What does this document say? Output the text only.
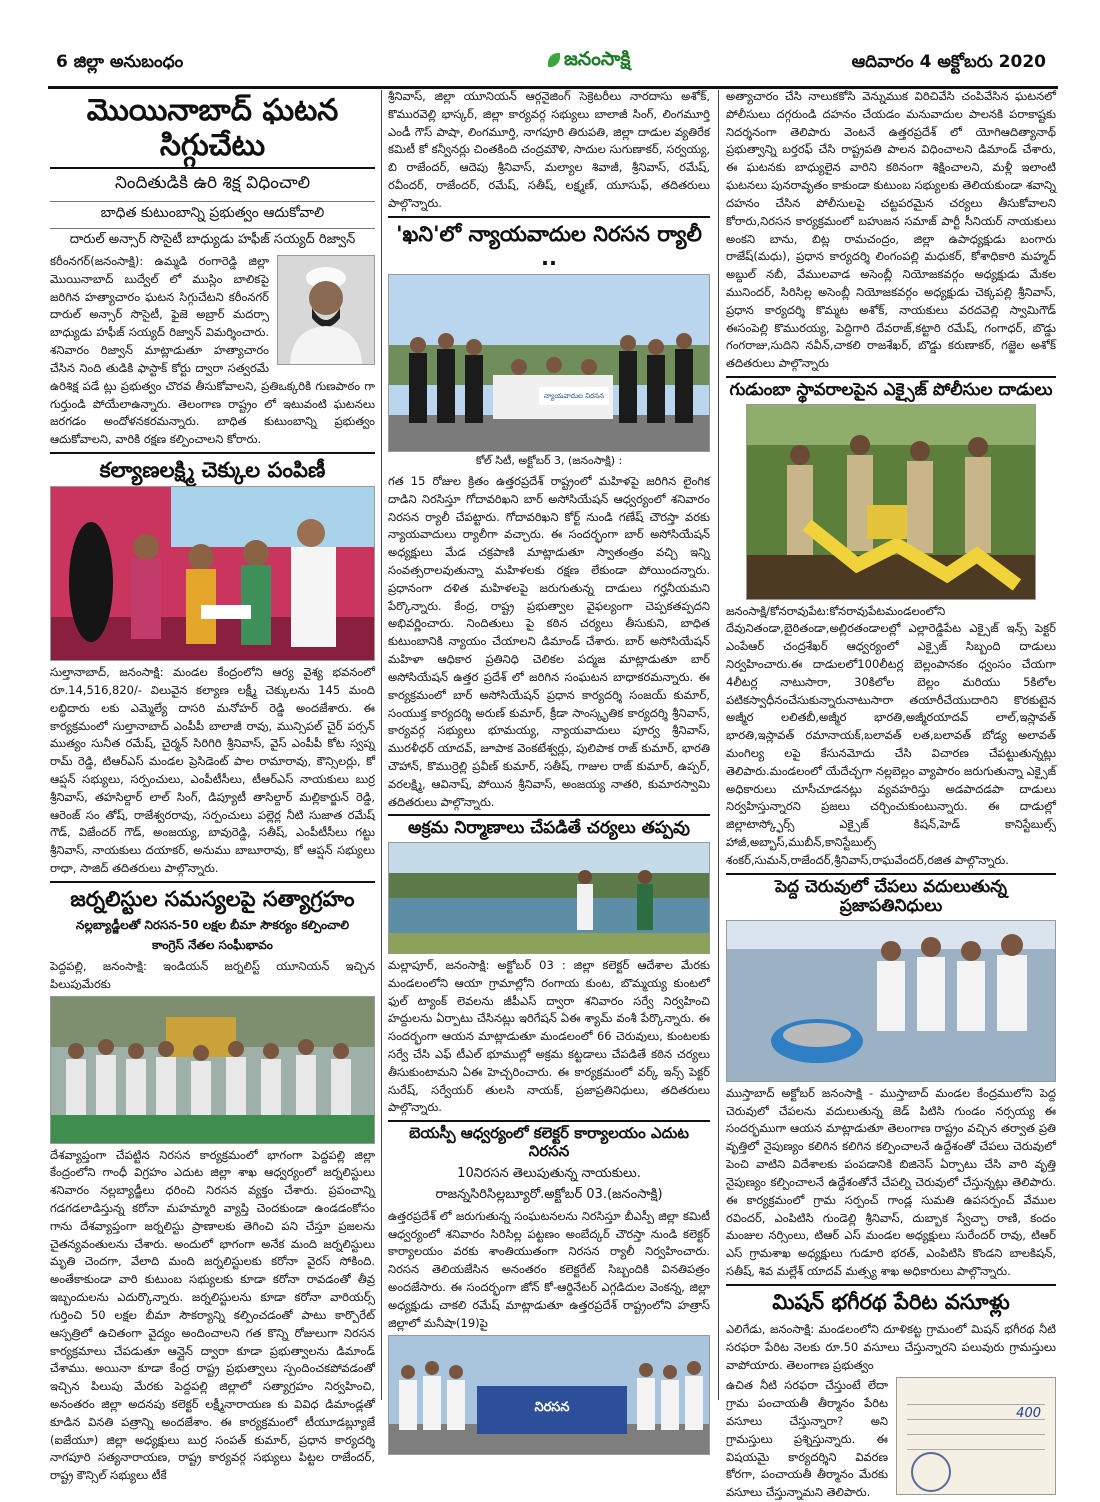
6 జిల్లా అనుబంధం	జనంసాక్షి	ఆదివారం 4 అక్టోబరు 2020
మొయినాబాద్ ఘటన సిగ్గుచేటు
నిందితుడికి ఉరి శిక్ష విధించాలి
బాధిత కుటుంబాన్ని ప్రభుత్వం ఆదుకోవాలి
దారుల్ అన్సార్ సొసైటీ బాధ్యుడు హఫీజ్ సయ్యద్ రిజ్వాన్

కరీంనగర్(జనంసాక్షి): ఉమ్మడి రంగారెడ్డి జిల్లా మొయినాబాద్ బుద్వేల్ లో ముస్లిం బాలికపై జరిగిన హత్యాచారం ఘటన సిగ్గుచేటని కరీంనగర్ దారుల్ అన్సార్ సొసైటీ, ఫైజె అబ్రార్ మదర్సా బాధ్యుడు హఫీజ్ సయ్యద్ రిజ్వాన్ విమర్శించారు. శనివారం రిజ్వాన్ మాట్లాడుతూ హత్యాచారం చేసిన నింది తుడికి ఫాస్టాక్ కోర్టు ద్వారా సత్వరమే ఉరిశిక్ష పడే ట్లు ప్రభుత్వం చొరవ తీసుకోవాలని, ప్రతిఒక్కరికి గుణపాఠం గా గుర్తుండి పోయేలాఉన్నారు. తెలంగాణ రాష్ట్రం లో ఇటువంటి ఘటనలు జరగడం అందోళనకరమన్నారు. బాధిత కుటుంబాన్ని ప్రభుత్వం ఆదుకోవాలని, వారికి రక్షణ కల్పించాలని కోరారు.

కల్యాణలక్ష్మి చెక్కుల పంపిణీ

సుల్తానాబాద్, జనంసాక్షి: మండల కేంద్రంలోని ఆర్య వైశ్య భవనంలో రూ.14,516,820/- విలువైన కల్యాణ లక్ష్మీ చెక్కులను 145 మంది లబ్ధిదారు లకు ఎమ్మెల్యే దాసరి మనోహర్ రెడ్డి అందజేశారు. ఈ కార్యక్రమంలో సుల్తానాబాద్ ఎంపీపీ బాలాజీ రావు, మున్సిపల్ చైర్ పర్సన్ ముత్యం సునీత రమేష్, చైర్మన్ సిరిగిరి శ్రీనివాస్, వైస్ ఎంపీపీ కోట స్వప్న రామ్ రెడ్డి, టిఆర్ఎస్ మండల ప్రెసిడెంట్ పాల రామారావు, కౌన్సిలర్లు, కో ఆప్షన్ సభ్యులు, సర్పంచులు, ఎంపీటీసీలు, టీఆర్ఎస్ నాయకులు బుర్ర శ్రీనివాస్, తహసిల్దార్ లాల్ సింగ్, డిప్యూటీ తాసిల్దార్ మల్లికార్జున్ రెడ్డి, ఆరెంజ్ సం తోష్, రాజేశ్వరరావు, సర్పంచులు పల్లెర్ల నీటి సుజాత రమేష్ గౌడ్, విజేందర్ గౌడ్, అంజయ్య, బావురెడ్డి, సతీష్, ఎంపీటీసీలు గట్టు శ్రీనివాస్, నాయకులు దయాకర్, అనుము బాబూరావు, కో ఆప్షన్ సభ్యులు రాధా, సాజిద్ తదితరులు పాల్గొన్నారు.

జర్నలిస్టుల సమస్యలపై సత్యాగ్రహం
నల్లబ్యాడ్జీలతో నిరసన-50 లక్షల బీమా సౌకర్యం కల్పించాలి
కాంగ్రెస్ నేతల సంఘీభావం

పెద్దపల్లి, జనంసాక్షి: ఇండియన్ జర్నలిస్ట్ యూనియన్ ఇచ్చిన పిలుపుమేరకు

దేశవ్యాప్తంగా చేపట్టిన నిరసన కార్యక్రమంలో భాగంగా పెద్దపల్లి జిల్లా కేంద్రంలోని గాంధీ విగ్రహం ఎదుట జిల్లా శాఖ ఆధ్వర్యంలో జర్నలిస్టులు శనివారం నల్లబ్యాడ్జీలు ధరించి నిరసన వ్యక్తం చేశారు. ప్రపంచాన్ని గడగడలాడిస్తున్న కరోనా మహమ్మారి వ్యాప్తి చెందకుండా ఉండడంకోసం గాను దేశవ్యాప్తంగా జర్నలిస్టు ప్రాణాలకు తెగించి పని చేస్తూ ప్రజలను చైతన్యవంతులను చేశారు. అందులో భాగంగా అనేక మంది జర్నలిస్టులు మృతి చెందగా, వేలాది మంది జర్నలిస్టులకు కరోనా వైరస్ సోకింది. అంతేకాకుండా వారి కుటుంబ సభ్యులకు కూడా కరోనా రావడంతో తీవ్ర ఇబ్బందులను ఎదుర్కొన్నారు. జర్నలిస్టులను కూడా కరోనా వారియర్స్ గుర్తించి 50 లక్షల బీమా సౌకర్యాన్ని కల్పించడంతో పాటు కార్పొరేట్ ఆస్పత్రిలో ఉచితంగా వైద్యం అందించాలని గత కొన్ని రోజులుగా నిరసన కార్యక్రమాలు చేపడుతూ ఆన్లైన్ ద్వారా కూడా ప్రభుత్వాలను డిమాండ్ చేశాము. అయినా కూడా కేంద్ర రాష్ట్ర ప్రభుత్వాలు స్పందించకపోవడంతో ఇచ్చిన పిలుపు మేరకు పెద్దపల్లి జిల్లాలో సత్యాగ్రహం నిర్వహించి, అనంతరం జిల్లా అదనపు కలెక్టర్ లక్ష్మీనారాయణ కు వివిధ డిమాండ్లతో కూడిన వినతి పత్రాన్ని అందజేశాం. ఈ కార్యక్రమంలో టీయూడబ్ల్యూజే (ఐజేయూ) జిల్లా అధ్యక్షులు బుర్ర సంపత్ కుమార్, ప్రధాన కార్యదర్శి నాగపూరి సత్యనారాయణ, రాష్ట్ర కార్యవర్గ సభ్యులు పిట్టల రాజేందర్, రాష్ట్ర కౌన్సిల్ సభ్యులు టీకే

శ్రీనివాస్, జిల్లా యూనియన్ ఆర్గనైజింగ్ సెక్రెటరీలు నారదాసు అశోక్, కొమురవెల్లి భాస్కర్, జిల్లా కార్యవర్గ సభ్యులు బాలాజీ సింగ్, లింగమూర్తి ఎండీ గౌస్ పాషా, లింగమూర్తి, నాగపూరి తిరుపతి, జిల్లా దాడుల వ్యతిరేక కమిటీ కో కన్వీనర్లు చింతకింది చంద్రమౌళి, సాదుల సుగుణాకర్, సర్వయ్య, బి రాజేందర్, ఆదెపు శ్రీనివాస్, మల్యాల శివాజీ, శ్రీనివాస్, రమేష్, రవీందర్, రాజేందర్, రమేష్, సతీష్, లక్ష్మణ్, యూసుఫ్, తదితరులు పాల్గొన్నారు.

'ఖని'లో న్యాయవాదుల నిరసన ర్యాలీ ..
న్యాయవాదుల నిరసన
కోల్ సిటీ, అక్టోబర్ 3, (జనంసాక్షి) :

గత 15 రోజుల క్రితం ఉత్తరప్రదేశ్ రాష్ట్రంలో మహిళపై జరిగిన లైంగిక దాడిని నిరసిస్తూ గోదావరిఖని బార్ అసోసియేషన్ ఆధ్వర్యంలో శనివారం నిరసన ర్యాలీ చేపట్టారు. గోదావరిఖని కోర్ట్ నుండి గణేష్ చౌరస్తా వరకు న్యాయవాదులు ర్యాలీగా వచ్చారు. ఈ సందర్భంగా బార్ అసోసియేషన్ అధ్యక్షులు మేడ చక్రపాణి మాట్లాడుతూ స్వాతంత్రం వచ్చి ఇన్ని సంవత్సరాలవుతున్నా మహిళలకు రక్షణ లేకుండా పోయిందన్నారు. ప్రధానంగా దళిత మహిళలపై జరుగుతున్న దాడులు గర్హనీయమని పేర్కొన్నారు. కేంద్ర, రాష్ట్ర ప్రభుత్వాల వైఫల్యంగా చెప్పకతప్పదని అభివర్ణించారు. నిందితులు పై కఠిన చర్యలు తీసుకుని, బాధిత కుటుంబానికి న్యాయం చేయాలని డిమాండ్ చేశారు. బార్ అసోసియేషన్ మహిళా ఆధికార ప్రతినిధి చెలికల పద్మజ మాట్లాడుతూ బార్ అసోసియేషన్ ఉత్తర ప్రదేశ్ లో జరిగిన సంఘటన బాధాకరమన్నారు. ఈ కార్యక్రమంలో బార్ అసోసియేషన్ ప్రధాన కార్యదర్శి సంజయ్ కుమార్, సంయుక్త కార్యదర్శి అరుణ్ కుమార్, క్రీడా సాంస్కృతిక కార్యదర్శి శ్రీనివాస్, కార్యవర్గ సభ్యులు భూమయ్య, న్యాయవాదులు పూర్వ శ్రీనివాస్, మురళీధర్ యాదవ్, జూపాక వెంకటేశ్వర్లు, పులిపాక రాజ్ కుమార్, భారతి చౌహాన్, కొముర్రెల్లి ప్రవీణ్ కుమార్, సతీష్, గాజుల రాజ్ కుమార్, ఉప్పర్, వరలక్ష్మి, ఆవినాష్, పోయిన శ్రీనివాస్, అంజయ్య నాతరి, కుమారస్వామి తదితరులు పాల్గొన్నారు.

అక్రమ నిర్మాణాలు చేపడితే చర్యలు తప్పవు

మల్లాపూర్, జనంసాక్షి: అక్టోబర్ 03 : జిల్లా కలెక్టర్ ఆదేశాల మేరకు మండలంలోని ఆయా గ్రామాల్లోని రంగాయ కుంట, బొమ్మయ్య కుంటలో ఫుల్ ట్యాంక్ లెవలను జీపీఎస్ ద్వారా శనివారం సర్వే నిర్వహించి హద్దులను ఏర్పాటు చేసినట్లు ఇరిగేషన్ ఏఈ శ్యామ్ వంశీ పేర్కొన్నారు. ఈ సందర్భంగా ఆయన మాట్లాడుతూ మండలంలో 66 చెరువులు, కుంటలకు సర్వే చేసి ఎఫ్ టీఎల్ భూముల్లో అక్రమ కట్టడాలు చేపడితే కఠిన చర్యలు తీసుకుంటామని ఏఈ హెచ్చరించారు. ఈ కార్యక్రమంలో వర్క్ ఇన్స్ పెక్టర్ సురేష్, సర్వేయర్ తులసి నాయక్, ప్రజాప్రతినిధులు, తదితరులు పాల్గొన్నారు.

బెయస్పీ ఆధ్వర్యంలో కలెక్టర్ కార్యాలయం ఎదుట నిరసన
10నిరసన తెలుపుతున్న నాయకులు.
రాజన్నసిరిసిల్లబ్యూరో.అక్టోబర్ 03.(జనంసాక్షి)

ఉత్తరప్రదేశ్ లో జరుగుతున్న సంఘటనలను నిరసిస్తూ బీఎస్పీ జిల్లా కమిటీ ఆధ్వర్యంలో శనివారం సిరిసిల్ల పట్టణం అంబేద్కర్ చౌరస్తా నుండి కలెక్టర్ కార్యాలయం వరకు శాంతియుతంగా నిరసన ర్యాలీ నిర్వహించారు. నిరసన తెలియజేసిన అనంతరం కలెక్టరేట్ సిబ్బందికి వినతిపత్రం అందజేసారు. ఈ సందర్భంగా జోన్ కో-ఆర్డినేటర్ ఎగ్గడిదుల వెంకన్న, జిల్లా అధ్యక్షుడు చాకలి రమేష్ మాట్లాడుతూ ఉత్తరప్రదేశ్ రాష్ట్రంలోని హత్రాస్ జిల్లాలో మనీషా(19)పై

నిరసన

అత్యాచారం చేసి నాలుకకోసి వెన్నుముక విరిచివేసి చంపివేసిన ఘటనలో పోలీసులు దగ్గరుండి దహనం చేయడం మనువాదుల పాలనకి పరాకాష్టకు నిదర్శనంగా తెలిపారు వెంటనే ఉత్తరప్రదేశ్ లో యోగిఆదిత్యానాథ్ ప్రభుత్వాన్ని బర్తరఫ్ చేసి రాష్ట్రపతి పాలన విధించాలని డిమాండ్ చేశారు, ఈ ఘటనకు బాధ్యులైన వారిని కఠినంగా శిక్షించాలని, మళ్లీ ఇలాంటి ఘటనలు పునరావృతం కాకుండా కుటుంబ సభ్యులకు తెలియకుండా శవాన్ని దహనం చేసిన పోలీసులపై చట్టపరమైన చర్యలు తీసుకోవాలని కోరారు,నిరసన కార్యక్రమంలో బహుజన సమాజ్ పార్టీ సీనియర్ నాయకులు అంకని బాను, బిట్ల రామచంద్రం, జిల్లా ఉపాధ్యక్షుడు బంగారు రాజేష్(మధు), ప్రధాన కార్యదర్శి లింగంపల్లి మధుకర్, కోశాధికారి మహ్మద్ అబ్దుల్ నబీ, వేములవాడ అసెంబ్లీ నియోజకవర్గం అధ్యక్షుడు మేకల మునిందర్, సిరిసిల్ల అసెంబ్లీ నియోజకవర్గం అధ్యక్షుడు చెక్కపల్లి శ్రీనివాస్, ప్రధాన కార్యదర్శి కొమ్మట అశోక్, నాయకులు వరదవెల్లి స్వామిగౌడ్ ఈసంపెల్లి కొమురయ్య, పెద్దిగారి దేవరాజ్,కట్టారి రమేష్, గంగాధర్, బొడ్డు గంగరాజు,సుదిని నవీన్,చాకలి రాజశేఖర్, బొడ్డు కరుణాకర్, గజ్జెల అశోక్ తదితరులు పాల్గొన్నారు

గుడుంబా స్థావరాలపైన ఎక్సైజ్ పోలీసుల దాడులు

జనంసాక్షి/కోనరావుపేట:కోనరావుపేటమండలంలోని దేవునితండా,బైరితండా,అల్లిరతండాలల్లో ఎల్లారెడ్డిపేట ఎక్సైజ్ ఇన్స్ పెక్టర్ ఎంపేఆర్ చంద్రశేఖర్ ఆధ్వర్యంలో ఎక్సైజ్ సిబ్బంది దాడులు నిర్వహించారు.ఈ దాడులలో100లీటర్ల బెల్లంపానకం ధ్వంసం చేయగా 4లీటర్ల నాటుసారా, 30కిలోల బెల్లం మరియు 5కిలోల పటికస్వాధీనంచేసుకున్నారునాటుసారా తయారీచేయుదారిని కొరకుటైన అజ్మీర లలితబీ,అజ్మీర భారతి,అజ్మీరయాదవ్ లాల్,ఇస్లావత్ భారతి,ఇస్లావత్ రమానాయక్,బలావత్ లత,బలావత్ బోడ్య అలావత్ మంగిల్య లపై కేసునమోదు చేసి విచారణ చేపట్టుతున్నట్లు తెలిపారు.మండలంలో యేదేచ్ఛగా నల్లబెల్లం వ్యాపారం జరుగుతున్నా ఎక్సైజ్ అధికారులు చూసీచూడనట్లు వ్యవహరిస్తు అడపాదడపా దాడులు నిర్వహిస్తున్నారని ప్రజలు చర్చించుకుంటున్నారు. ఈ దాడుల్లో జిల్లాటాస్క్ఫోర్స్ ఎక్సైజ్ కిషన్,హెడ్ కానిస్టేబుల్స్ హాజీ,అబ్బాస్,ముబీన్,కానిస్టేబుల్స్ శంకర్,సుమన్,రాజేందర్,శ్రీనివాస్,రాఘవేందర్,రజిత పాల్గొన్నారు.

పెద్ద చెరువులో చేపలు వదులుతున్న ప్రజాపతినిధులు

ముస్తాబాద్ అక్టోబర్ జనంసాక్షి - ముస్తాబాద్ మండల కేంద్రములోని పెద్ద చెరువులో చేపలను వదులుతున్న జెడ్ పిటిసి గుండం నర్సయ్య ఈ సందర్భముగా ఆయన మాట్లాడుతూ తెలంగాణ రాష్ట్రం వచ్చిన తర్వాత ప్రతి వృత్తిలో నైపుణ్యం కలిగిన కలిగిన కల్పించాలనే ఉద్దేశంతో చేపలు చెరువులో పెంచి వాటిని విదేశాలకు పంపడానికి బిజినెస్ ఏర్పాటు చేసి వారి వృత్తి నైపుణ్యం కల్పించాలనే ఉద్దేశంతోనే చేపల్ని చెరువులో చేస్తున్నట్లు తెలిపారు. ఈ కార్యక్రమంలో గ్రామ సర్పంచ్ గాండ్ల సుమతి ఉపసర్పంచ్ వేముల రవిందర్, ఎంపిటిసి గుండెల్లి శ్రీనివాస్, దుబ్బాక స్వేచ్ఛా రాణి, కందం మంజుల నర్సింలు, టిఆర్ ఎస్ మండల అధ్యక్షులు సురేందర్ రావు, టిఆర్ ఎస్ గ్రామశాఖ అధ్యక్షులు గుడూరి భరత్, ఎంపిటిసి కొండని బాలకిషన్, సతీష్, శివ మల్లేశ్ యాదవ్ మత్స్య శాఖ అధికారులు పాల్గొన్నారు.

మిషన్ భగీరథ పేరిట వసూళ్లు

ఎలిగేడు, జనంసాక్షి: మండలంలోని దూళికట్ట గ్రామంలో మిషన్ భగీరథ నీటి సరఫరా పేరిట నెలకు రూ.50 వసూలు చేస్తున్నారని పలువురు గ్రామస్తులు వాపోయారు. తెలంగాణ ప్రభుత్వం

ఉచిత నీటి సరఫరా చేస్తుంటే లేదా గ్రామ పంచాయతీ తీర్మానం పేరిట వసూలు చేస్తున్నారా? అని గ్రామస్తులు ప్రశ్నిస్తున్నారు. ఈ విషయమై కార్యదర్శిని వివరణ కోరగా, పంచాయతీ తీర్మానం మేరకు వసూలు చేస్తున్నామని తెలిపారు.

400
